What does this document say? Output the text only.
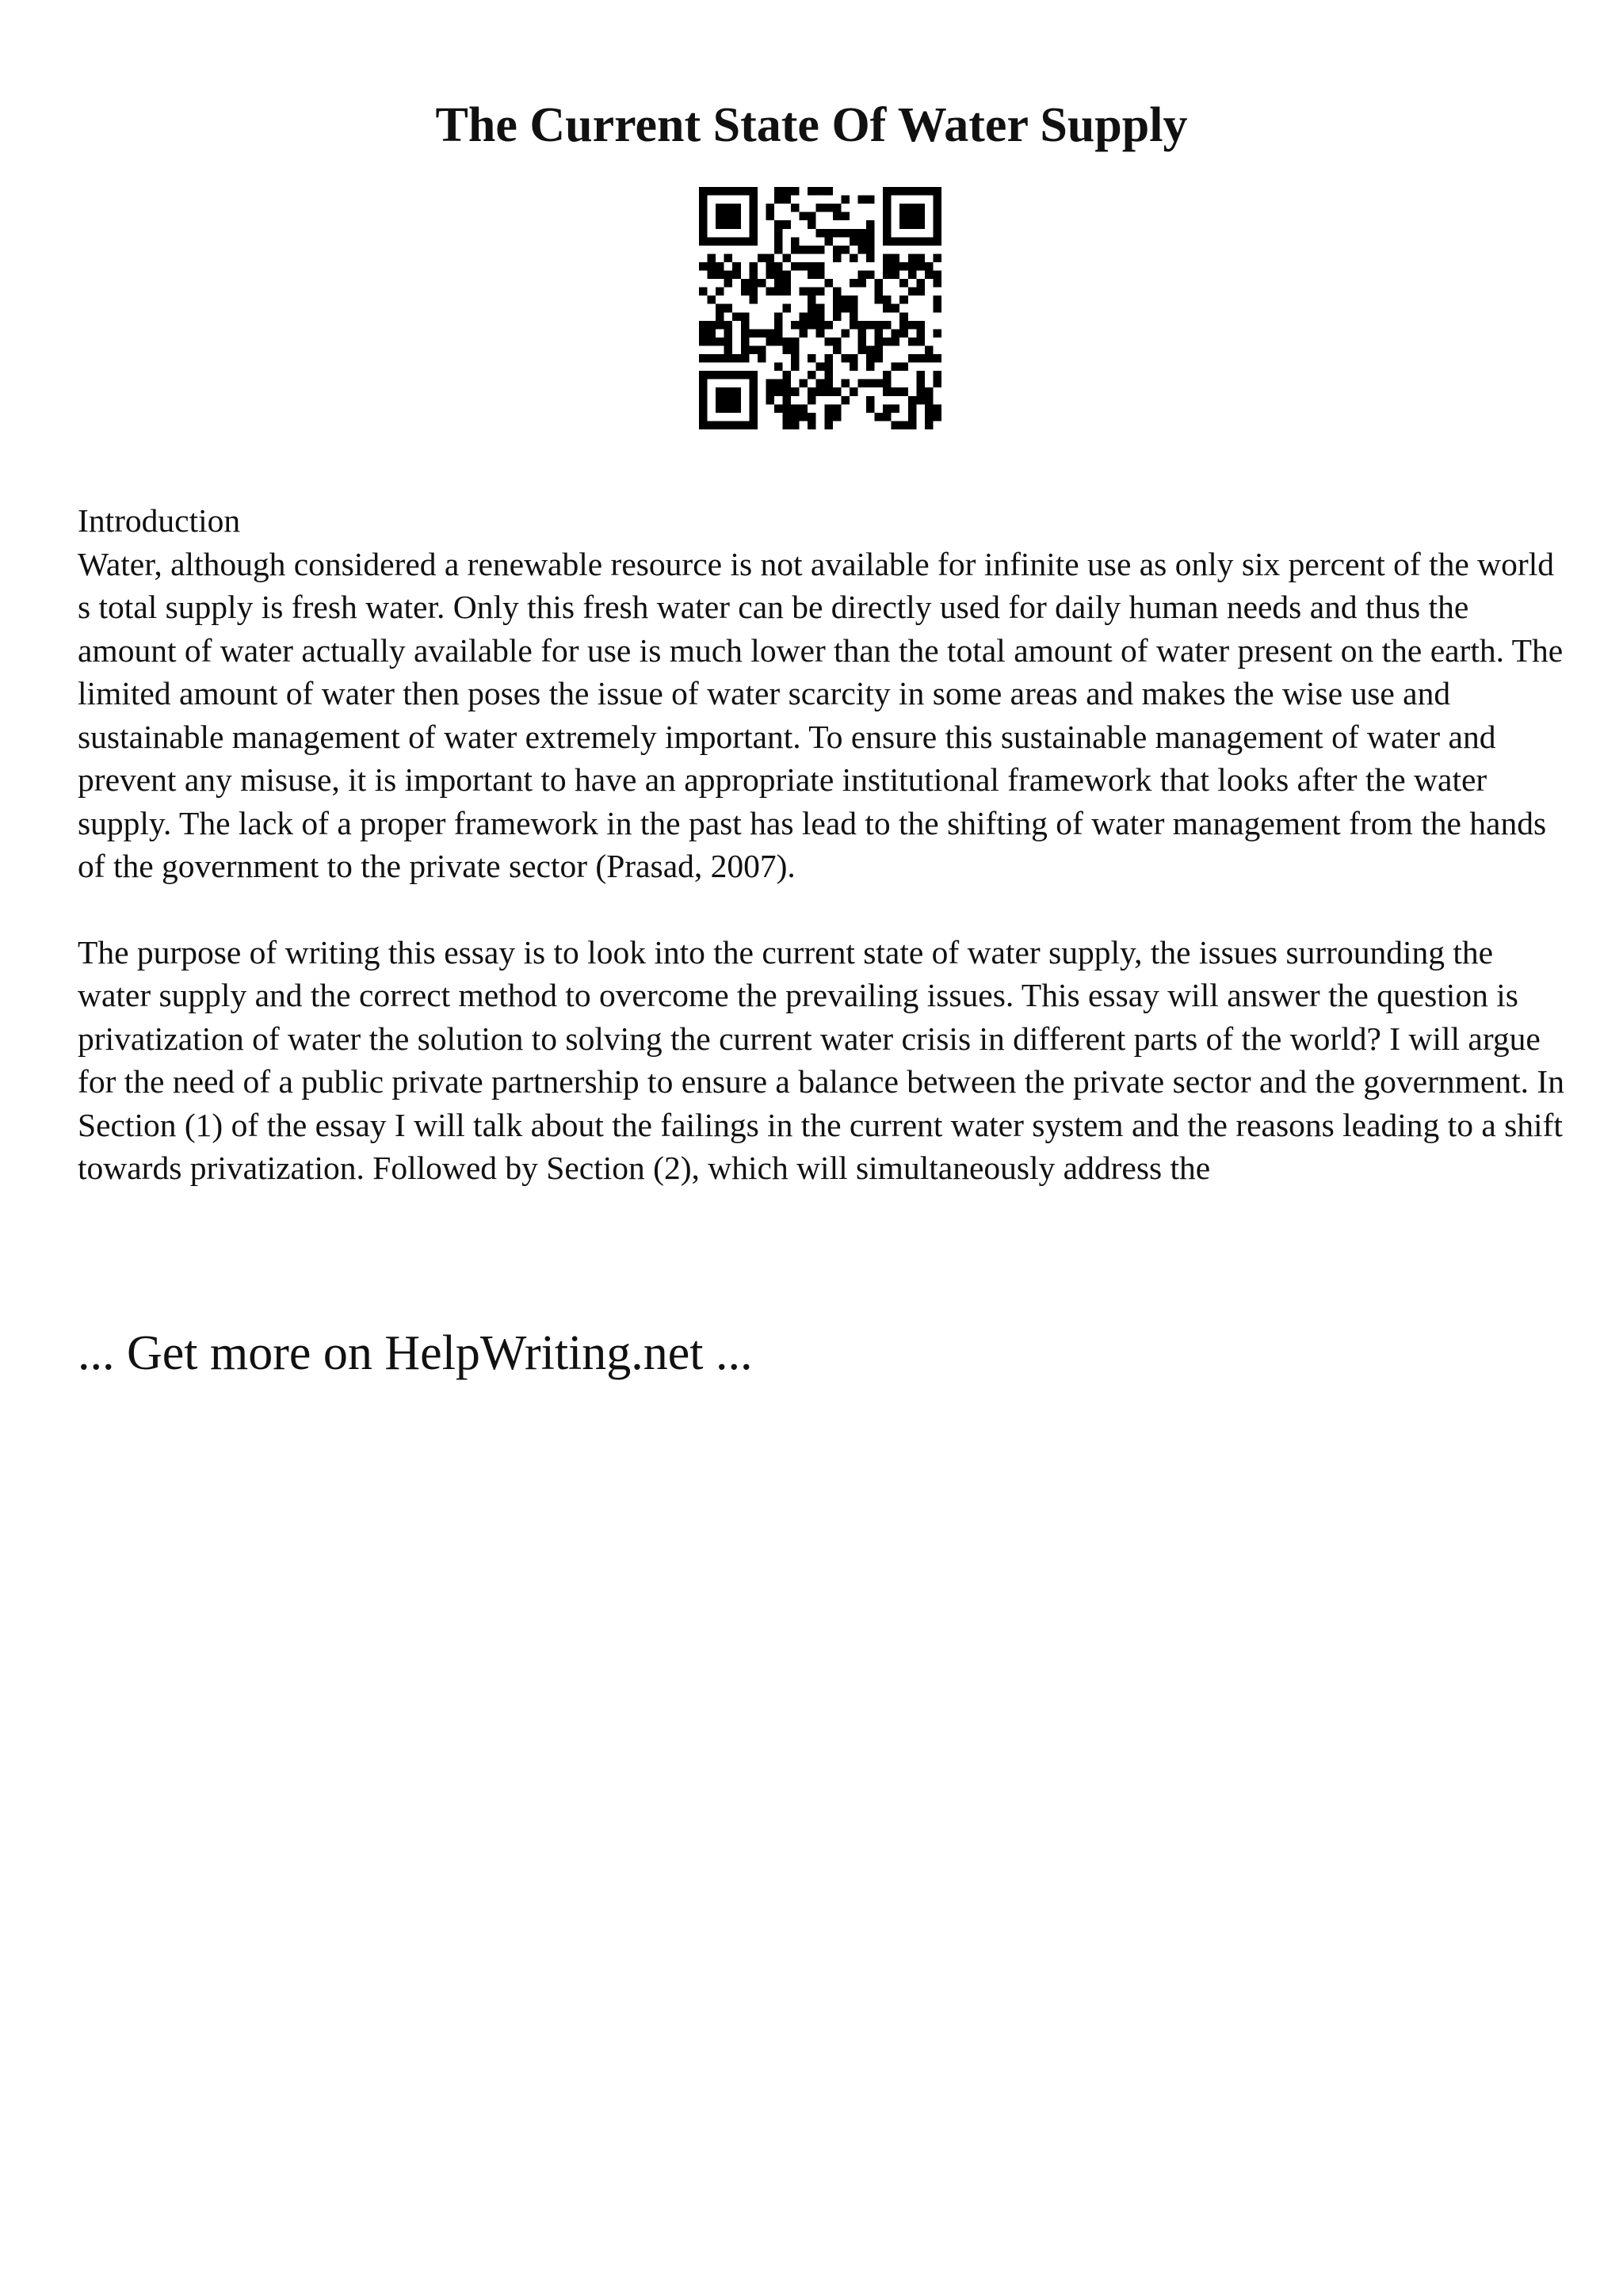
The Current State Of Water Supply

Introduction

Water, although considered a renewable resource is not available for infinite use as only six percent of the world s total supply is fresh water. Only this fresh water can be directly used for daily human needs and thus the amount of water actually available for use is much lower than the total amount of water present on the earth. The limited amount of water then poses the issue of water scarcity in some areas and makes the wise use and sustainable management of water extremely important. To ensure this sustainable management of water and prevent any misuse, it is important to have an appropriate institutional framework that looks after the water supply. The lack of a proper framework in the past has lead to the shifting of water management from the hands of the government to the private sector (Prasad, 2007).

The purpose of writing this essay is to look into the current state of water supply, the issues surrounding the water supply and the correct method to overcome the prevailing issues. This essay will answer the question is privatization of water the solution to solving the current water crisis in different parts of the world? I will argue for the need of a public private partnership to ensure a balance between the private sector and the government. In Section (1) of the essay I will talk about the failings in the current water system and the reasons leading to a shift towards privatization. Followed by Section (2), which will simultaneously address the

... Get more on HelpWriting.net ...
